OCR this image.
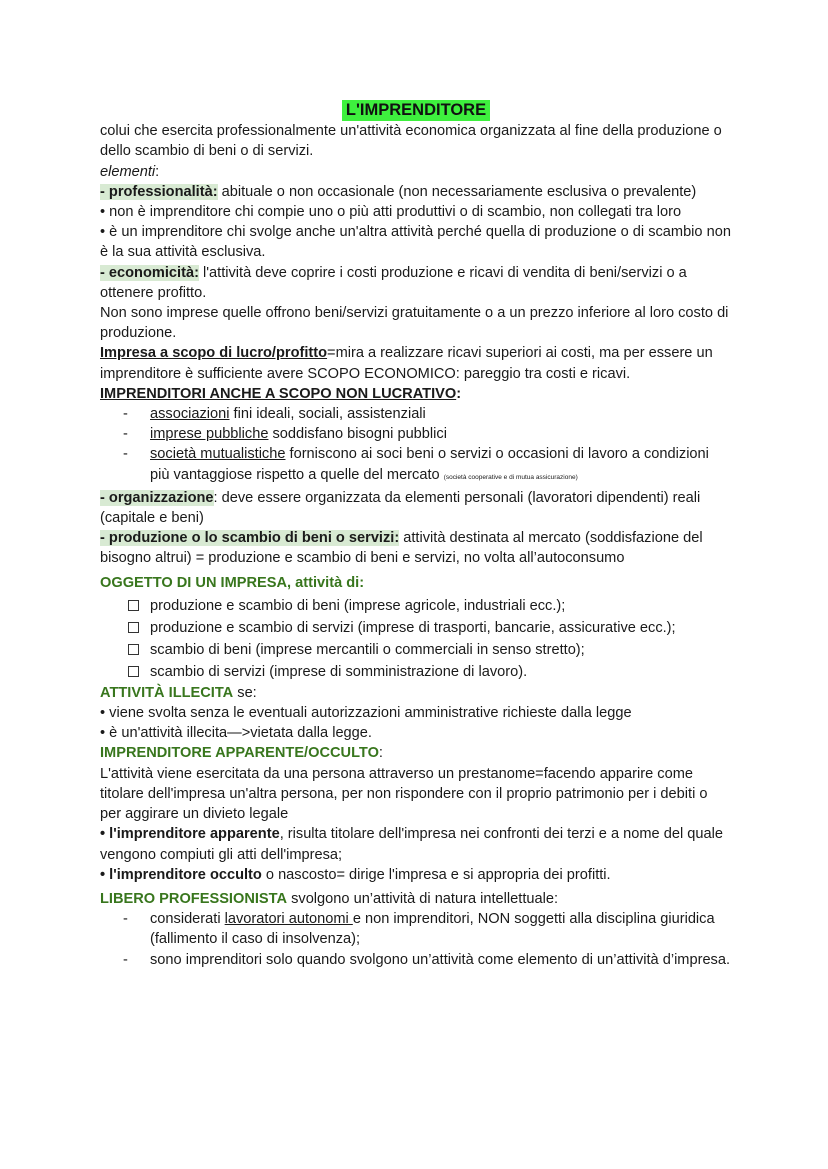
L'IMPRENDITORE

colui che esercita professionalmente un'attività economica organizzata al fine della produzione o dello scambio di beni o di servizi.

elementi:

- professionalità: abituale o non occasionale (non necessariamente esclusiva o prevalente)

• non è imprenditore chi compie uno o più atti produttivi o di scambio, non collegati tra loro

• è un imprenditore chi svolge anche un'altra attività perché quella di produzione o di scambio non è la sua attività esclusiva.

- economicità: l'attività deve coprire i costi produzione e ricavi di vendita di beni/servizi o a ottenere profitto.

Non sono imprese quelle offrono beni/servizi gratuitamente o a un prezzo inferiore al loro costo di produzione.

Impresa a scopo di lucro/profitto=mira a realizzare ricavi superiori ai costi, ma per essere un imprenditore è sufficiente avere SCOPO ECONOMICO: pareggio tra costi e ricavi.

IMPRENDITORI ANCHE A SCOPO NON LUCRATIVO:

- associazioni fini ideali, sociali, assistenziali
- imprese pubbliche soddisfano bisogni pubblici
- società mutualistiche forniscono ai soci beni o servizi o occasioni di lavoro a condizioni più vantaggiose rispetto a quelle del mercato (società cooperative e di mutua assicurazione)

- organizzazione: deve essere organizzata da elementi personali (lavoratori dipendenti) reali (capitale e beni)

- produzione o lo scambio di beni o servizi: attività destinata al mercato (soddisfazione del bisogno altrui) = produzione e scambio di beni e servizi, no volta all’autoconsumo

OGGETTO DI UN IMPRESA, attività di:

produzione e scambio di beni (imprese agricole, industriali ecc.);
produzione e scambio di servizi (imprese di trasporti, bancarie, assicurative ecc.);
scambio di beni (imprese mercantili o commerciali in senso stretto);
scambio di servizi (imprese di somministrazione di lavoro).

ATTIVITÀ ILLECITA se:

• viene svolta senza le eventuali autorizzazioni amministrative richieste dalla legge

• è un'attività illecita—>vietata dalla legge.

IMPRENDITORE APPARENTE/OCCULTO:

L'attività viene esercitata da una persona attraverso un prestanome=facendo apparire come titolare dell'impresa un'altra persona, per non rispondere con il proprio patrimonio per i debiti o per aggirare un divieto legale

• l'imprenditore apparente, risulta titolare dell'impresa nei confronti dei terzi e a nome del quale vengono compiuti gli atti dell'impresa;

• l'imprenditore occulto o nascosto= dirige l'impresa e si appropria dei profitti.

LIBERO PROFESSIONISTA svolgono un’attività di natura intellettuale:

- considerati lavoratori autonomi e non imprenditori, NON soggetti alla disciplina giuridica (fallimento il caso di insolvenza);
- sono imprenditori solo quando svolgono un’attività come elemento di un’attività d’impresa.
